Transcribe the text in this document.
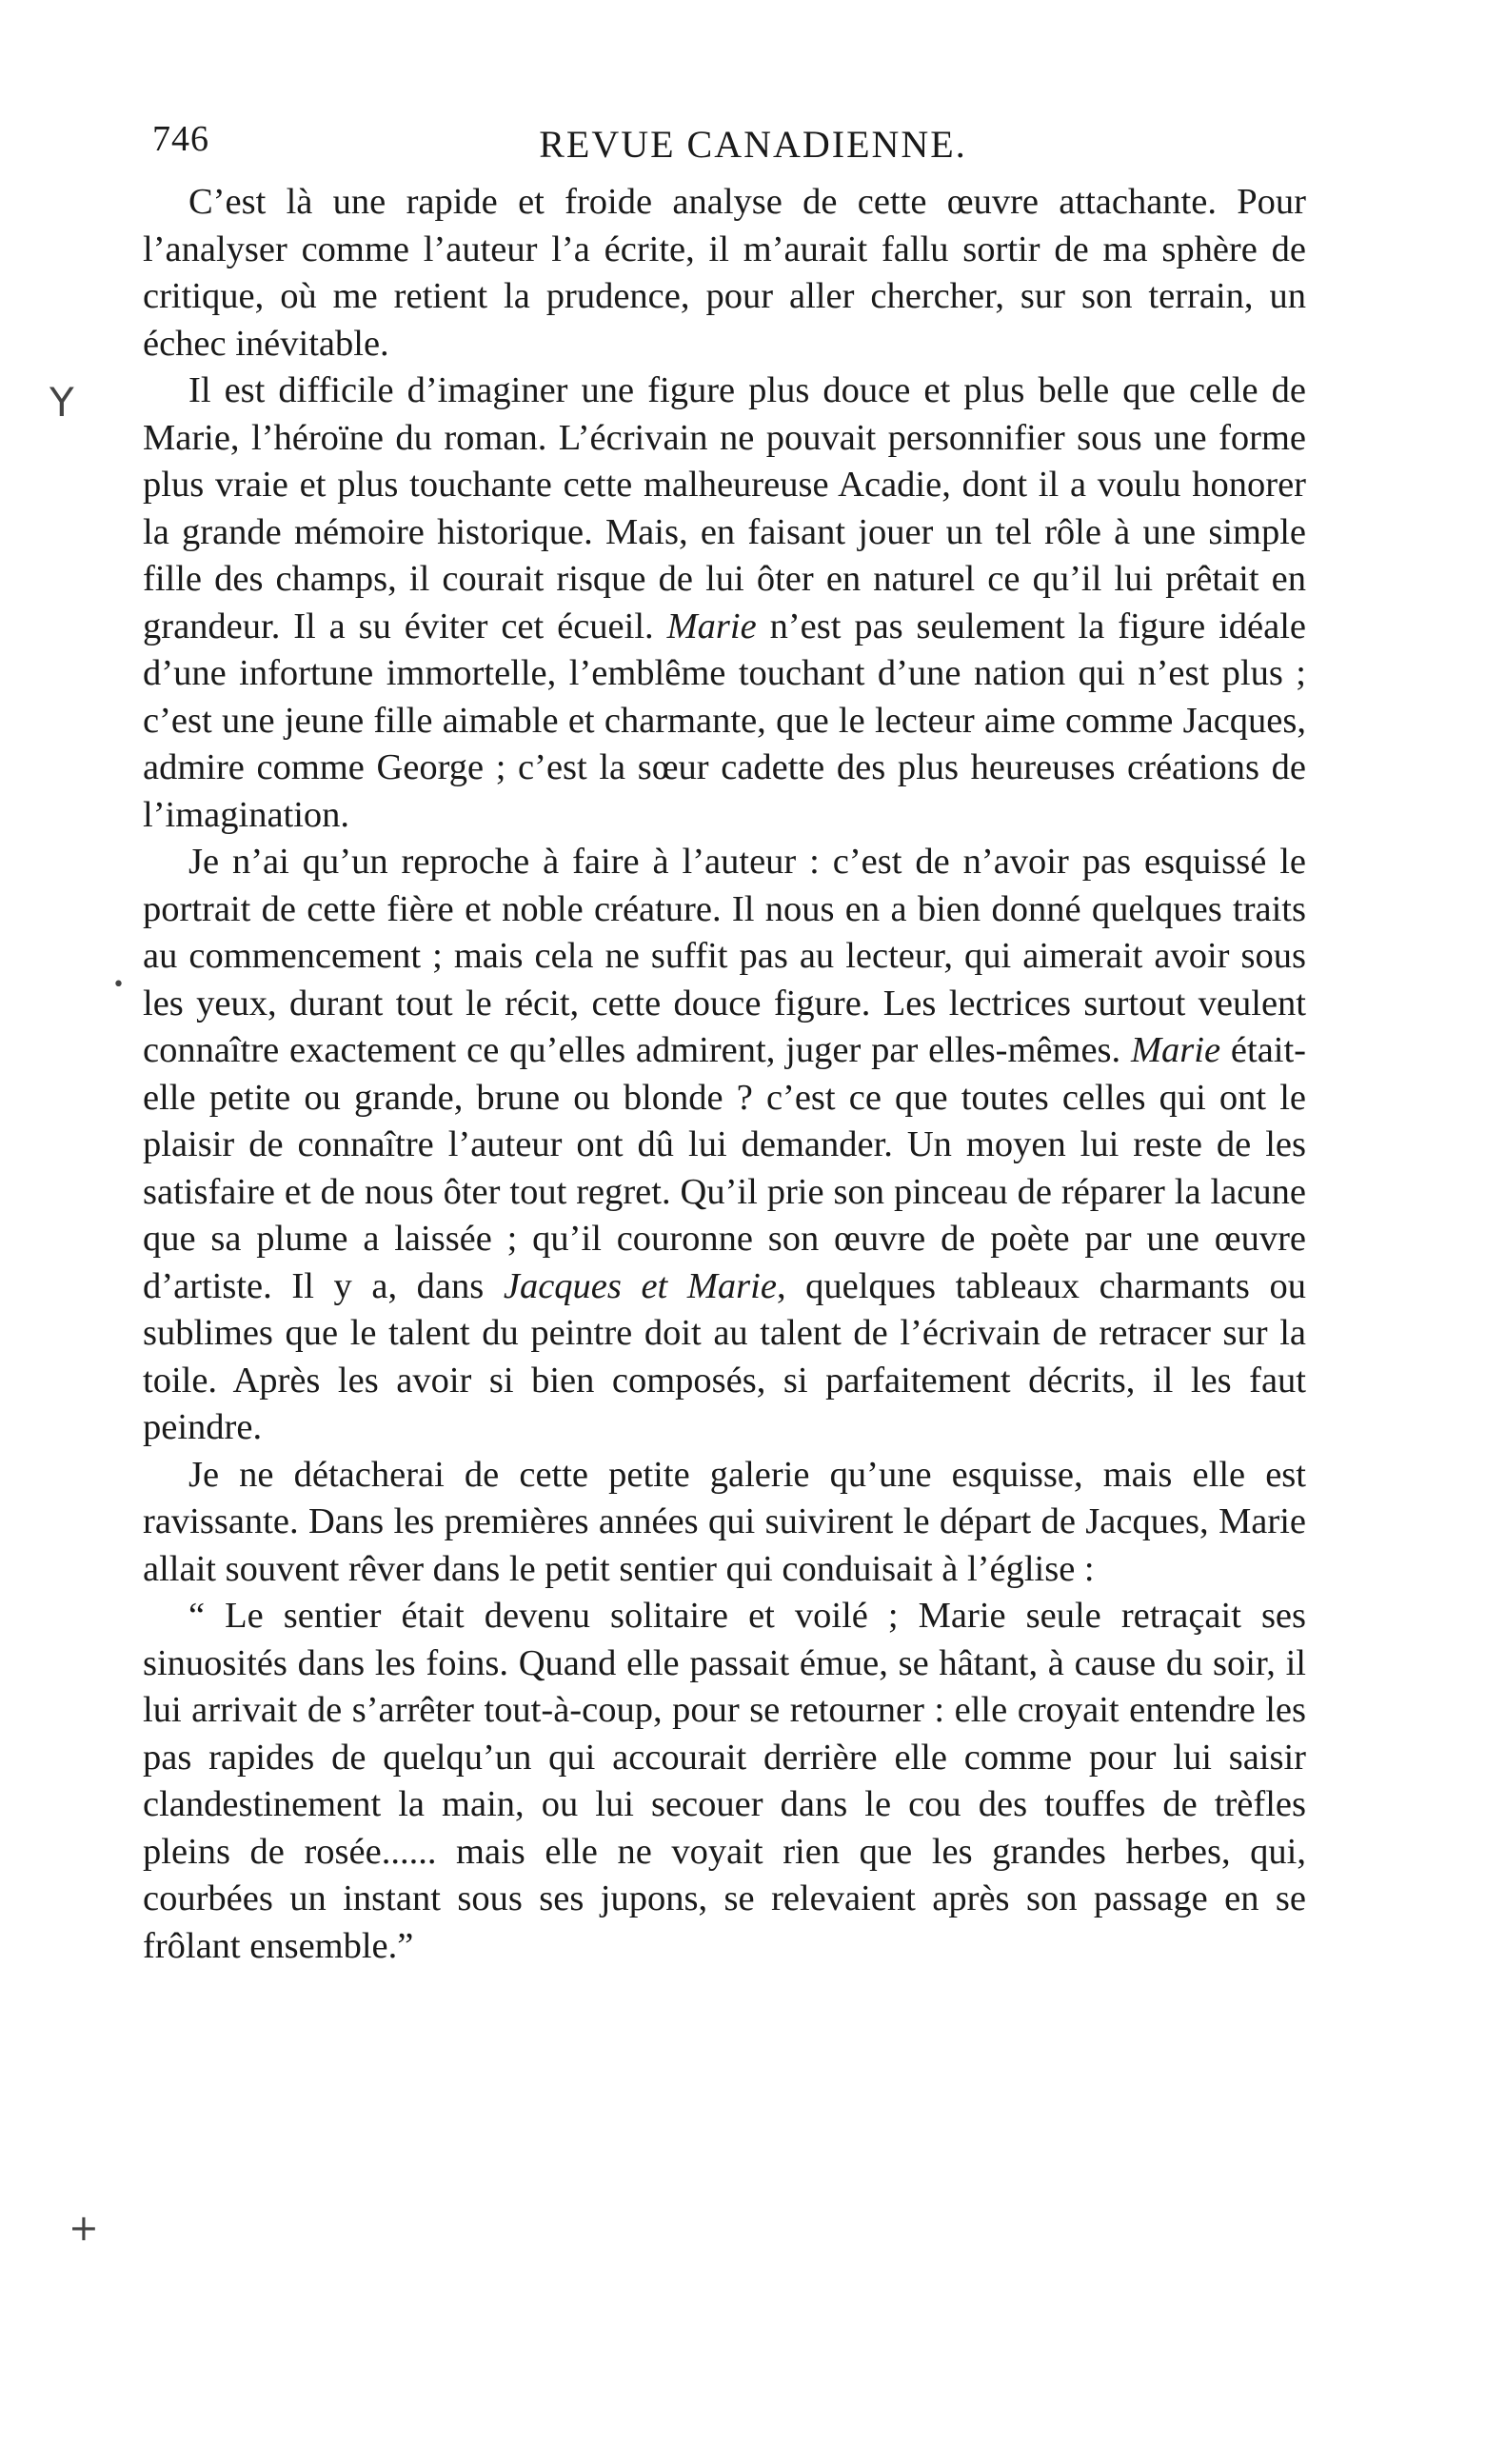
Y
•
+
746	REVUE CANADIENNE.

C’est là une rapide et froide analyse de cette œuvre attachante. Pour l’analyser comme l’auteur l’a écrite, il m’aurait fallu sortir de ma sphère de critique, où me retient la prudence, pour aller chercher, sur son terrain, un échec inévitable.

Il est difficile d’imaginer une figure plus douce et plus belle que celle de Marie, l’héroïne du roman. L’écrivain ne pouvait personnifier sous une forme plus vraie et plus touchante cette malheureuse Acadie, dont il a voulu honorer la grande mémoire historique. Mais, en faisant jouer un tel rôle à une simple fille des champs, il courait risque de lui ôter en naturel ce qu’il lui prêtait en grandeur. Il a su éviter cet écueil. Marie n’est pas seulement la figure idéale d’une infortune immortelle, l’emblême touchant d’une nation qui n’est plus ; c’est une jeune fille aimable et charmante, que le lecteur aime comme Jacques, admire comme George ; c’est la sœur cadette des plus heureuses créations de l’imagination.

Je n’ai qu’un reproche à faire à l’auteur : c’est de n’avoir pas esquissé le portrait de cette fière et noble créature. Il nous en a bien donné quelques traits au commencement ; mais cela ne suffit pas au lecteur, qui aimerait avoir sous les yeux, durant tout le récit, cette douce figure. Les lectrices surtout veulent connaître exactement ce qu’elles admirent, juger par elles-mêmes. Marie était-elle petite ou grande, brune ou blonde ? c’est ce que toutes celles qui ont le plaisir de connaître l’auteur ont dû lui demander. Un moyen lui reste de les satisfaire et de nous ôter tout regret. Qu’il prie son pinceau de réparer la lacune que sa plume a laissée ; qu’il couronne son œuvre de poète par une œuvre d’artiste. Il y a, dans Jacques et Marie, quelques tableaux charmants ou sublimes que le talent du peintre doit au talent de l’écrivain de retracer sur la toile. Après les avoir si bien composés, si parfaitement décrits, il les faut peindre.

Je ne détacherai de cette petite galerie qu’une esquisse, mais elle est ravissante. Dans les premières années qui suivirent le départ de Jacques, Marie allait souvent rêver dans le petit sentier qui conduisait à l’église :

“ Le sentier était devenu solitaire et voilé ; Marie seule retraçait ses sinuosités dans les foins. Quand elle passait émue, se hâtant, à cause du soir, il lui arrivait de s’arrêter tout-à-coup, pour se retourner : elle croyait entendre les pas rapides de quelqu’un qui accourait derrière elle comme pour lui saisir clandestinement la main, ou lui secouer dans le cou des touffes de trèfles pleins de rosée...... mais elle ne voyait rien que les grandes herbes, qui, courbées un instant sous ses jupons, se relevaient après son passage en se frôlant ensemble.”
